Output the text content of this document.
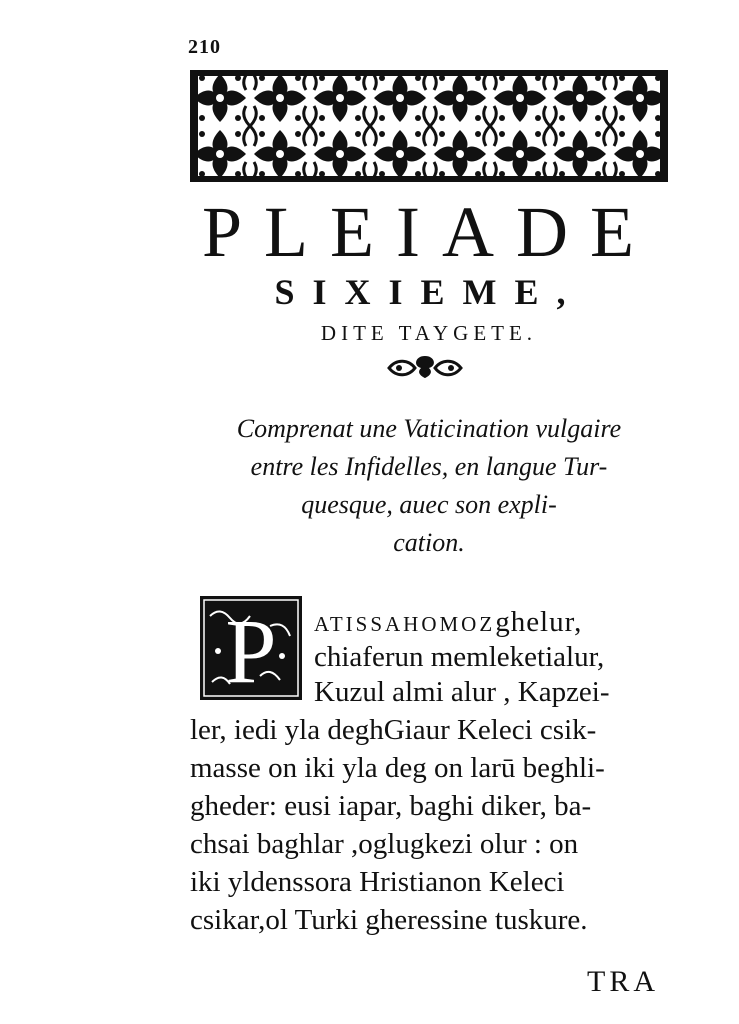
210
PLEIADE
SIXIEME,
DITE TAYGETE.
Comprenat une Vaticination vulgaire
entre les Infidelles, en langue Tur-
quesque, auec son expli-
cation.
P ATISSAHOMOZghelur,
chiaferun memleketialur,
Kuzul almi alur , Kapzei-
ler, iedi yla deghGiaur Keleci csik-
masse on iki yla deg on larū beghli-
gheder: eusi iapar, baghi diker, ba-
chsai baghlar ,oglugkezi olur : on
iki yldenssora Hristianon Keleci
csikar,ol Turki gheressine tuskure.
TRA
